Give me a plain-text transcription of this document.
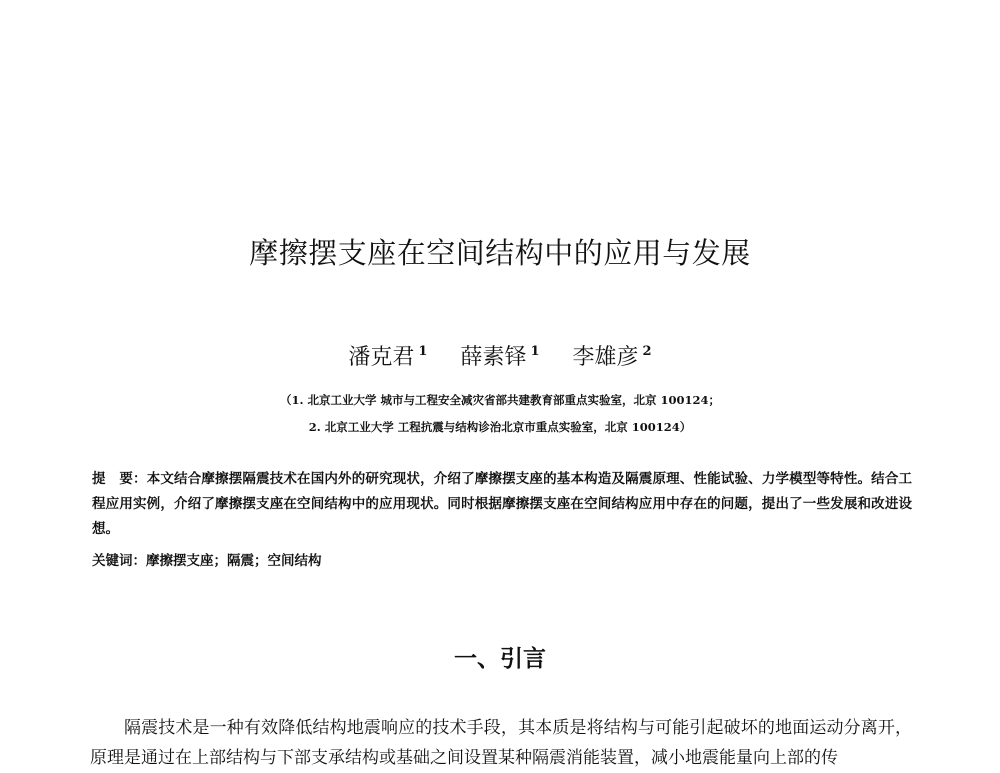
摩擦摆支座在空间结构中的应用与发展
潘克君 $^1$ 薛素铎 $^1$ 李雄彦 $^2$
（1. 北京工业大学 城市与工程安全减灾省部共建教育部重点实验室，北京 100124；
2. 北京工业大学 工程抗震与结构诊治北京市重点实验室，北京 100124）
提　要：本文结合摩擦摆隔震技术在国内外的研究现状，介绍了摩擦摆支座的基本构造及隔震原理、性能试验、力学模型等特性。结合工程应用实例，介绍了摩擦摆支座在空间结构中的应用现状。同时根据摩擦摆支座在空间结构应用中存在的问题，提出了一些发展和改进设想。
关键词：摩擦摆支座；隔震；空间结构
一、引言

隔震技术是一种有效降低结构地震响应的技术手段，其本质是将结构与可能引起破坏的地面运动分离开，原理是通过在上部结构与下部支承结构或基础之间设置某种隔震消能装置，减小地震能量向上部的传
